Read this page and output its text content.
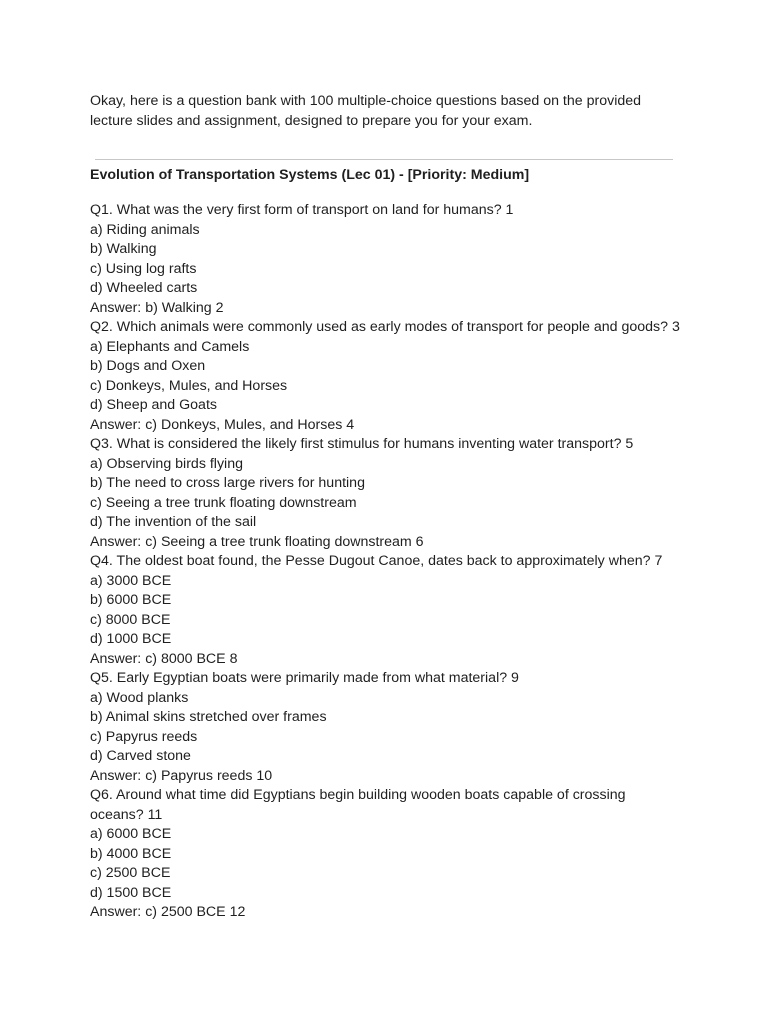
Okay, here is a question bank with 100 multiple-choice questions based on the provided lecture slides and assignment, designed to prepare you for your exam.

Evolution of Transportation Systems (Lec 01) - [Priority: Medium]
Q1. What was the very first form of transport on land for humans? 1
a) Riding animals
b) Walking
c) Using log rafts
d) Wheeled carts
Answer: b) Walking 2
Q2. Which animals were commonly used as early modes of transport for people and goods? 3
a) Elephants and Camels
b) Dogs and Oxen
c) Donkeys, Mules, and Horses
d) Sheep and Goats
Answer: c) Donkeys, Mules, and Horses 4
Q3. What is considered the likely first stimulus for humans inventing water transport? 5
a) Observing birds flying
b) The need to cross large rivers for hunting
c) Seeing a tree trunk floating downstream
d) The invention of the sail
Answer: c) Seeing a tree trunk floating downstream 6
Q4. The oldest boat found, the Pesse Dugout Canoe, dates back to approximately when? 7
a) 3000 BCE
b) 6000 BCE
c) 8000 BCE
d) 1000 BCE
Answer: c) 8000 BCE 8
Q5. Early Egyptian boats were primarily made from what material? 9
a) Wood planks
b) Animal skins stretched over frames
c) Papyrus reeds
d) Carved stone
Answer: c) Papyrus reeds 10
Q6. Around what time did Egyptians begin building wooden boats capable of crossing
oceans? 11
a) 6000 BCE
b) 4000 BCE
c) 2500 BCE
d) 1500 BCE
Answer: c) 2500 BCE 12
